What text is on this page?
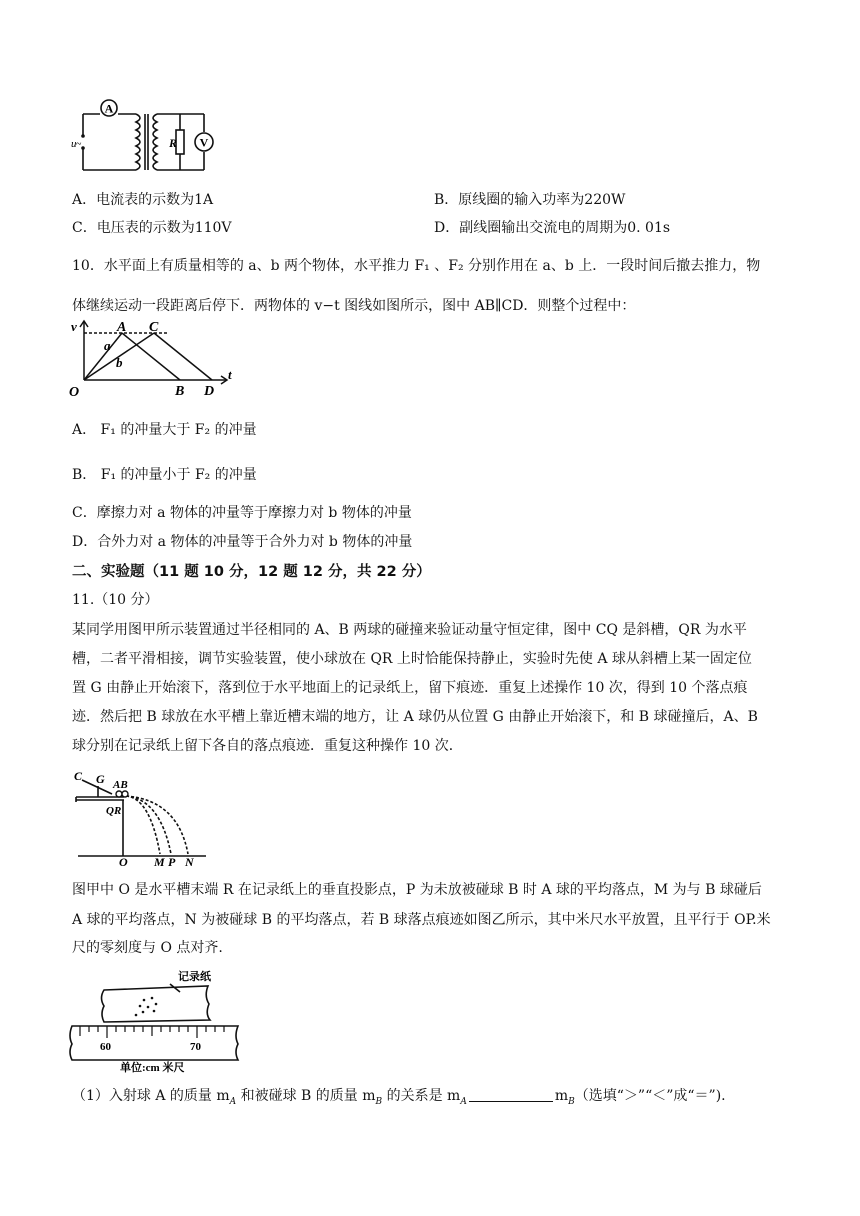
A
V
R
u ~
A．电流表的示数为1A	B．原线圈的输入功率为220W
C．电压表的示数为110V	D．副线圈输出交流电的周期为0. 01s
10．水平面上有质量相等的 a、b 两个物体，水平推力 F₁ 、F₂ 分别作用在 a、b 上．一段时间后撤去推力，物
体继续运动一段距离后停下．两物体的 v−t 图线如图所示，图中 AB∥CD．则整个过程中：
v
t
O
A C
B D
a
b
A． F₁ 的冲量大于 F₂ 的冲量
B． F₁ 的冲量小于 F₂ 的冲量
C．摩擦力对 a 物体的冲量等于摩擦力对 b 物体的冲量
D．合外力对 a 物体的冲量等于合外力对 b 物体的冲量
二、实验题（11 题 10 分，12 题 12 分，共 22 分）
11.（10 分）
某同学用图甲所示装置通过半径相同的 A、B 两球的碰撞来验证动量守恒定律，图中 CQ 是斜槽，QR 为水平
槽，二者平滑相接，调节实验装置，使小球放在 QR 上时恰能保持静止，实验时先使 A 球从斜槽上某一固定位
置 G 由静止开始滚下，落到位于水平地面上的记录纸上，留下痕迹．重复上述操作 10 次，得到 10 个落点痕
迹．然后把 B 球放在水平槽上靠近槽末端的地方，让 A 球仍从位置 G 由静止开始滚下，和 B 球碰撞后，A、B
球分别在记录纸上留下各自的落点痕迹．重复这种操作 10 次．
C G AB
QR
O M P N
图甲中 O 是水平槽末端 R 在记录纸上的垂直投影点，P 为未放被碰球 B 时 A 球的平均落点，M 为与 B 球碰后
A 球的平均落点，N 为被碰球 B 的平均落点，若 B 球落点痕迹如图乙所示，其中米尺水平放置，且平行于 OP.米
尺的零刻度与 O 点对齐.
记录纸
60	70
单位:cm 米尺
（1）入射球 A 的质量 $m_A$ 和被碰球 B 的质量 $m_B$ 的关系是 $m_A$	$m_B$（选填“＞”“＜”成“＝”).
